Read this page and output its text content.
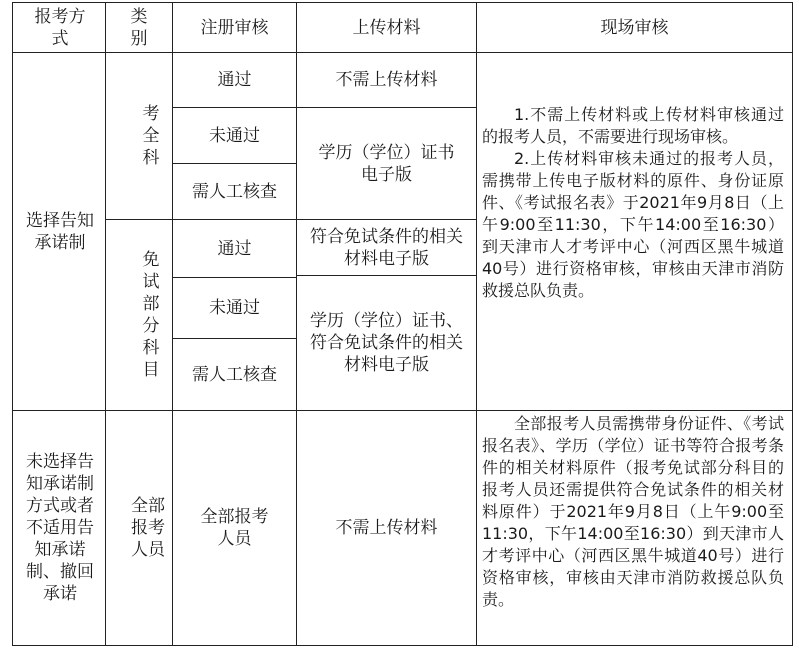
报考方式
类别
注册审核	上传材料	现场审核
选择告知承诺制
考全科
通过
未通过
需人工核查
不需上传材料
学历（学位）证书电子版
免试部分科目
通过
未通过
需人工核查
符合免试条件的相关材料电子版
学历（学位）证书、符合免试条件的相关材料电子版

1.不需上传材料或上传材料审核通过的报考人员，不需要进行现场审核。

2.上传材料审核未通过的报考人员，需携带上传电子版材料的原件、身份证原件、《考试报名表》于2021年9月8日（上午9:00至11:30，下午14:00至16:30）到天津市人才考评中心（河西区黑牛城道40号）进行资格审核，审核由天津市消防救援总队负责。

未选择告知承诺制方式或者不适用告知承诺制、撤回承诺
全部报考人员
全部报考人员
不需上传材料

全部报考人员需携带身份证件、《考试报名表》、学历（学位）证书等符合报考条件的相关材料原件（报考免试部分科目的报考人员还需提供符合免试条件的相关材料原件）于2021年9月8日（上午9:00至11:30，下午14:00至16:30）到天津市人才考评中心（河西区黑牛城道40号）进行资格审核，审核由天津市消防救援总队负责。
